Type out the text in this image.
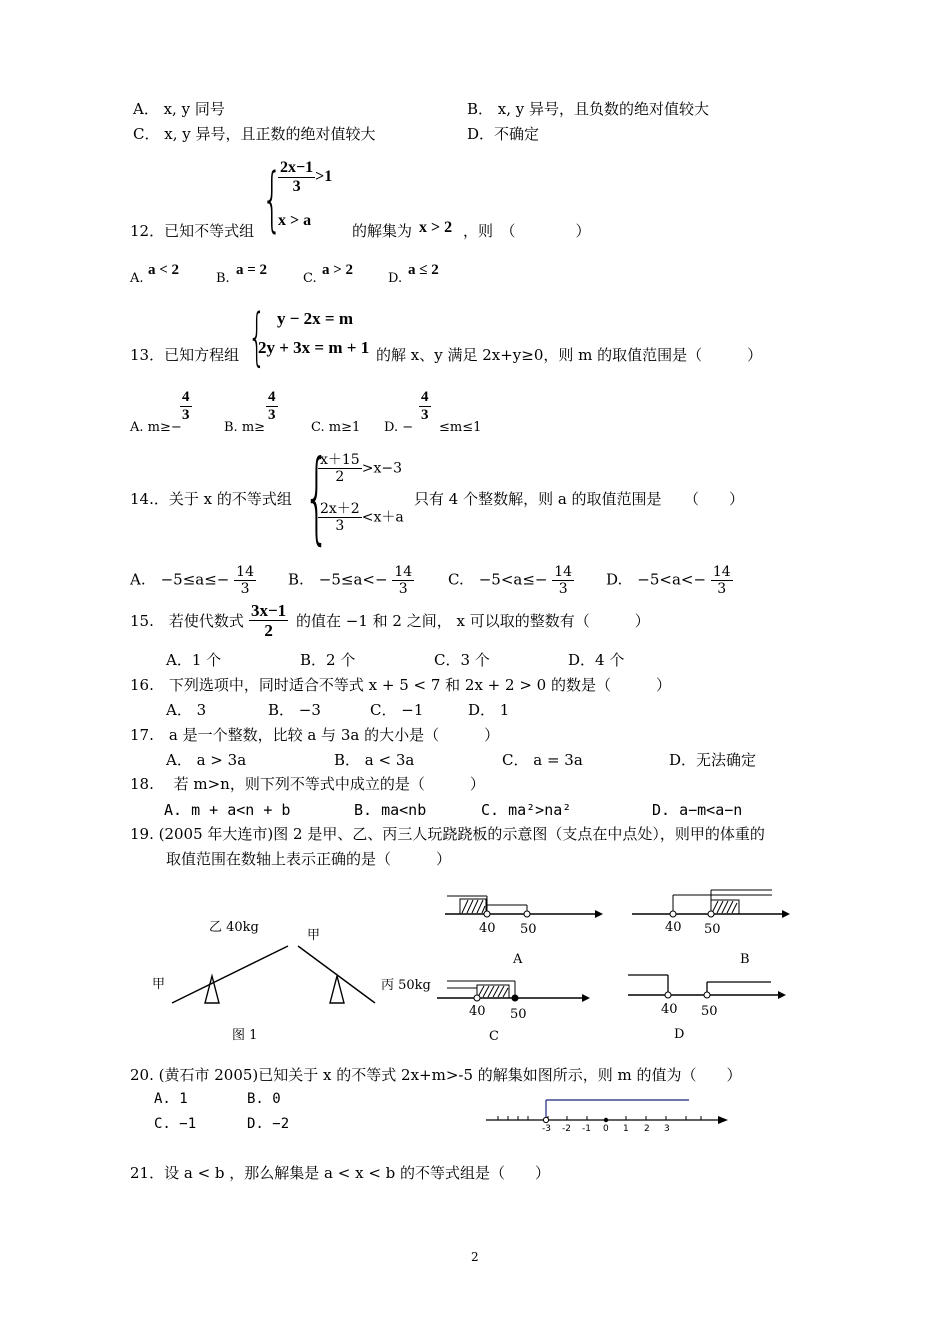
A． x, y 同号	B． x, y 异号，且负数的绝对值较大
C． x, y 异号，且正数的绝对值较大	D．不确定
12．已知不等式组 {
$\frac{2x-1}{3} >1$
x > a
的解集为 x > 2 ，则　（　　　　）
A.
a < 2
B.
a = 2
C.
a > 2
D.
a ≤ 2
13．已知方程组 { y − 2x = m
2y + 3x = m + 1 的解 x、y 满足 2x+y≥0，则 m 的取值范围是（　　　）
A. m≥−
$\frac{4}{3}$
B. m≥
$\frac{4}{3}$
C. m≥1 D. −
$\frac{4}{3}$
≤m≤1
14.．关于 x 的不等式组 {
$\frac{x+15}{2} >x-3$
$\frac{2x+2}{3} <x+a$
只有 4 个整数解，则 a 的取值范围是　　（　　）
A.　$-5\le a\le- \frac{14}{3} B$.　$-5\le a<- \frac{14}{3} C$.　$-5<a\le- \frac{14}{3} D$.　$-5<a<- \frac{14}{3}$
15.　若使代数式 $\frac{3x-1}{2}$ 的值在 −1 和 2 之间， x 可以取的整数有（　　　）
A．1 个	B．2 个	C．3 个	D．4 个
16.　下列选项中，同时适合不等式 x + 5 < 7 和 2x + 2 > 0 的数是（　　　）
A． 3	B． −3	C． −1	D． 1
17.　a 是一个整数，比较 a 与 3a 的大小是（　　　）
A． a > 3a	B． a < 3a	C． a = 3a	D．无法确定
18.　 若 m>n，则下列不等式中成立的是（　　　）
A. m + a<n + b	B. ma<nb	C. ma²>na²	D. a−m<a−n
19. (2005 年大连市)图 2 是甲、乙、丙三人玩跷跷板的示意图（支点在中点处），则甲的体重的
取值范围在数轴上表示正确的是（　　　）
乙 40kg
甲
甲	丙 50kg
图 1
40 50
A
40 50
B
40 50
C
40 50
D
20. (黄石市 2005)已知关于 x 的不等式 2x+m>-5 的解集如图所示，则 m 的值为（　　）
A. 1	B. 0
C. −1	D. −2	-3 -2 -1 0 1 2 3
21．设 a < b ，那么解集是 a < x < b 的不等式组是（　　）
2
